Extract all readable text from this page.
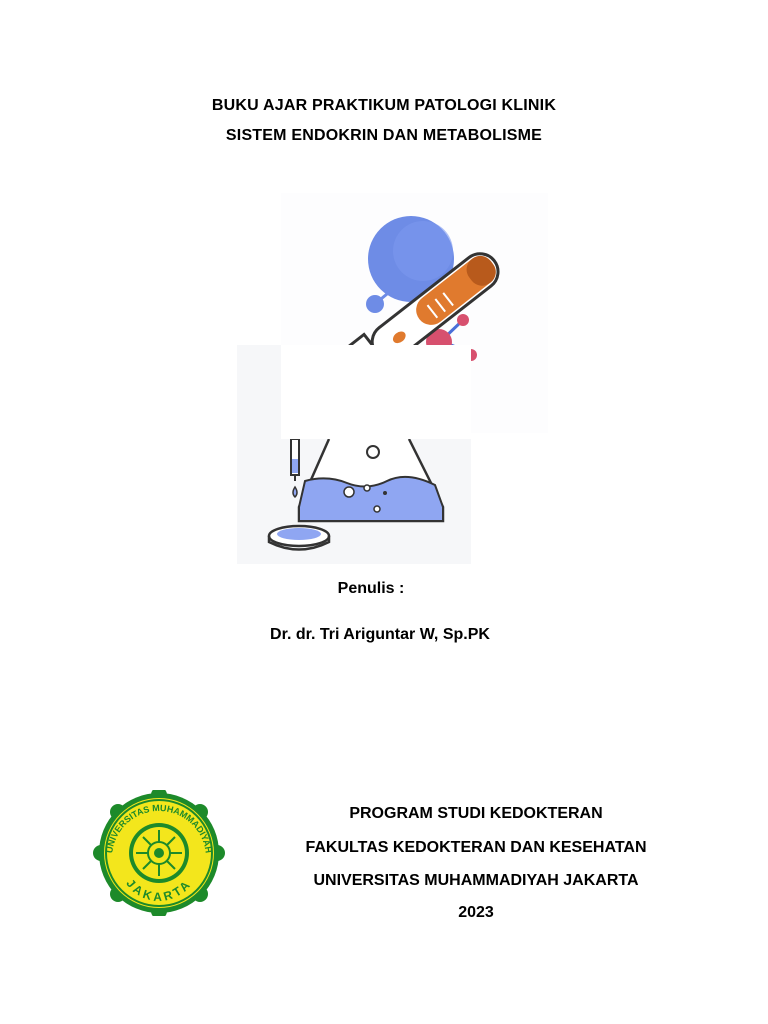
BUKU AJAR PRAKTIKUM PATOLOGI KLINIK
SISTEM ENDOKRIN DAN METABOLISME
Penulis :
Dr. dr. Tri Ariguntar W, Sp.PK
UNIVERSITAS MUHAMMADIYAH
JAKARTA
PROGRAM STUDI KEDOKTERAN
FAKULTAS KEDOKTERAN DAN KESEHATAN
UNIVERSITAS MUHAMMADIYAH JAKARTA
2023
